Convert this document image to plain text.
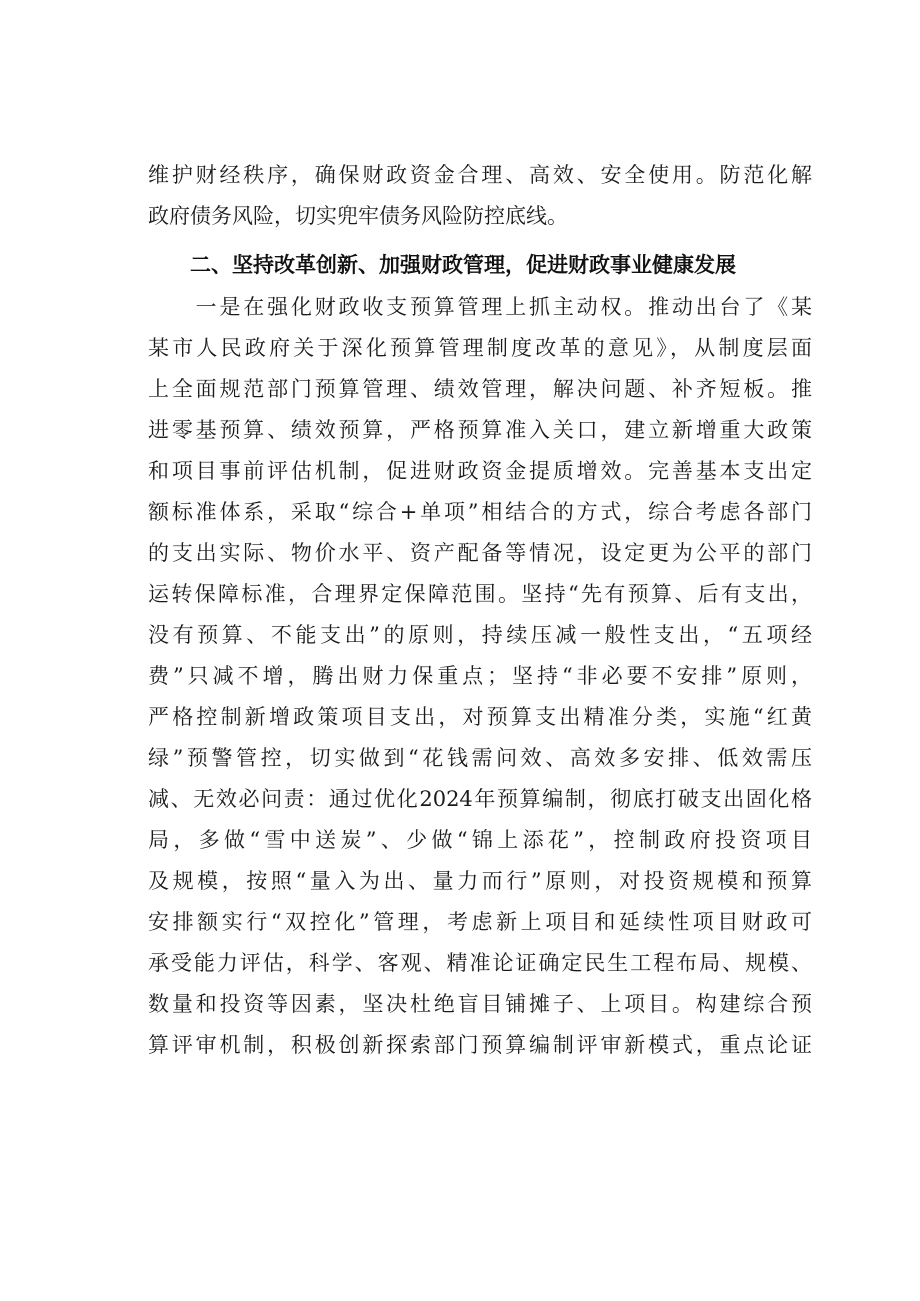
维护财经秩序，确保财政资金合理、高效、安全使用。防范化解
政府债务风险，切实兜牢债务风险防控底线。
二、坚持改革创新、加强财政管理，促进财政事业健康发展
　　一是在强化财政收支预算管理上抓主动权。推动出台了《某
某市人民政府关于深化预算管理制度改革的意见》，从制度层面
上全面规范部门预算管理、绩效管理，解决问题、补齐短板。推
进零基预算、绩效预算，严格预算准入关口，建立新增重大政策
和项目事前评估机制，促进财政资金提质增效。完善基本支出定
额标准体系，采取“综合+单项”相结合的方式，综合考虑各部门
的支出实际、物价水平、资产配备等情况，设定更为公平的部门
运转保障标准，合理界定保障范围。坚持“先有预算、后有支出，
没有预算、不能支出”的原则，持续压减一般性支出，“五项经
费”只减不增，腾出财力保重点；坚持“非必要不安排”原则，
严格控制新增政策项目支出，对预算支出精准分类，实施“红黄
绿”预警管控，切实做到“花钱需问效、高效多安排、低效需压
减、无效必问责：通过优化2024年预算编制，彻底打破支出固化格
局，多做“雪中送炭”、少做“锦上添花”，控制政府投资项目
及规模，按照“量入为出、量力而行”原则，对投资规模和预算
安排额实行“双控化”管理，考虑新上项目和延续性项目财政可
承受能力评估，科学、客观、精准论证确定民生工程布局、规模、
数量和投资等因素，坚决杜绝盲目铺摊子、上项目。构建综合预
算评审机制，积极创新探索部门预算编制评审新模式，重点论证
